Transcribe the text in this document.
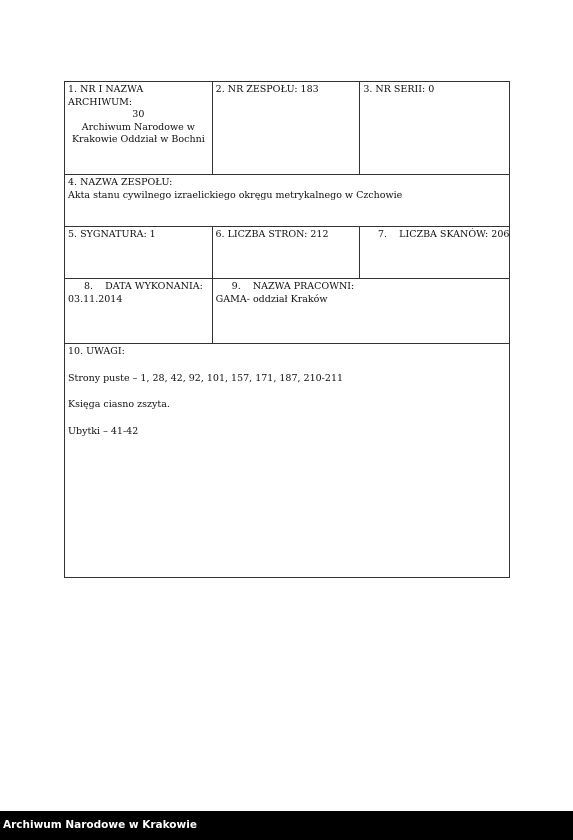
1. NR I NAZWA ARCHIWUM:
30
Archiwum Narodowe w
Krakowie Oddział w Bochni
2. NR ZESPOŁU: 183	3. NR SERII: 0
4. NAZWA ZESPOŁU:
Akta stanu cywilnego izraelickiego okręgu metrykalnego w Czchowie
5. SYGNATURA: 1	6. LICZBA STRON: 212	7.    LICZBA SKANÓW: 206
8.    DATA WYKONANIA:
03.11.2014
9.    NAZWA PRACOWNI:
GAMA- oddział Kraków
10. UWAGI:
Strony puste – 1, 28, 42, 92, 101, 157, 171, 187, 210-211
Księga ciasno zszyta.
Ubytki – 41-42
Archiwum Narodowe w Krakowie
